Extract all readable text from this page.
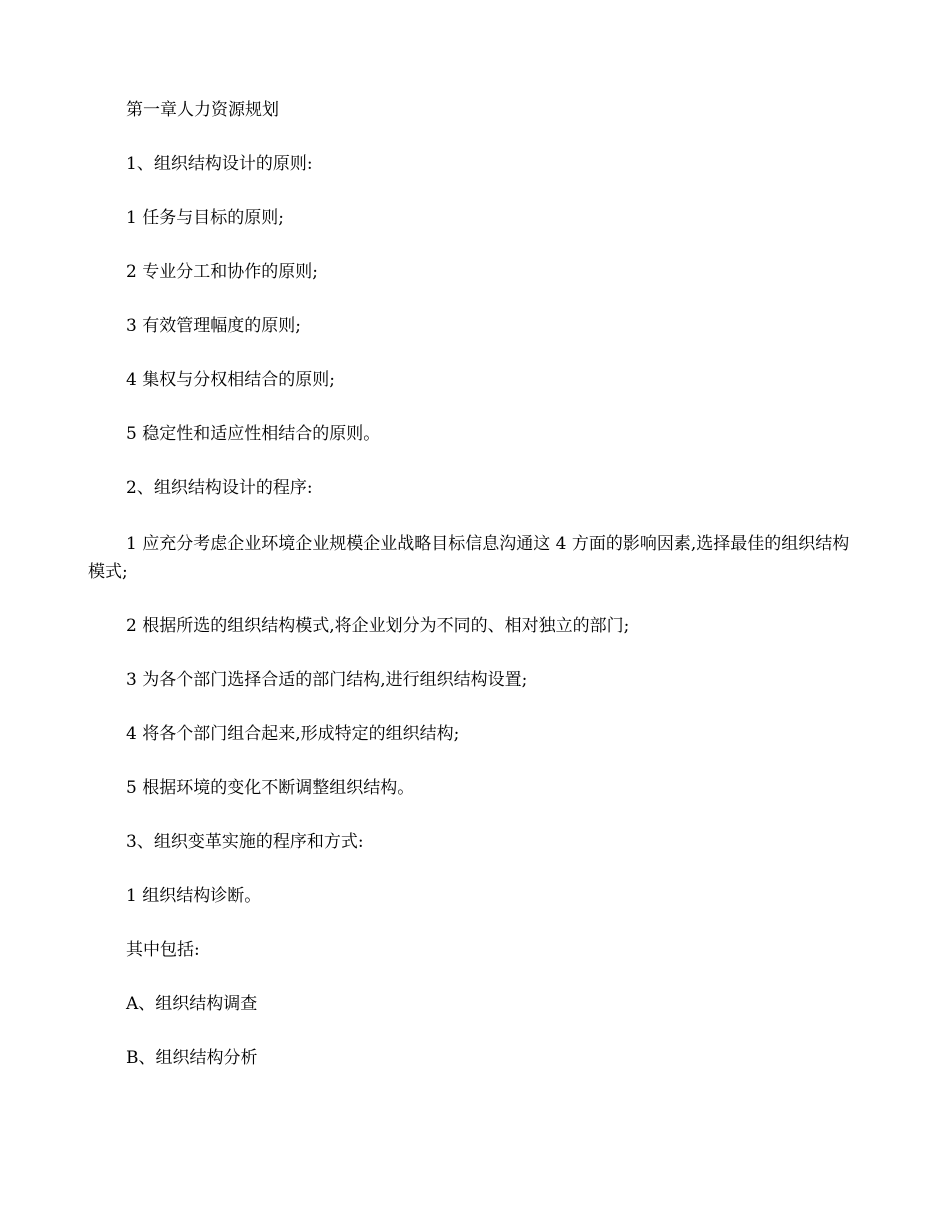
第一章人力资源规划

1、组织结构设计的原则:

1 任务与目标的原则;

2 专业分工和协作的原则;

3 有效管理幅度的原则;

4 集权与分权相结合的原则;

5 稳定性和适应性相结合的原则。

2、组织结构设计的程序:

1 应充分考虑企业环境企业规模企业战略目标信息沟通这 4 方面的影响因素,选择最佳的组织结构模式;

2 根据所选的组织结构模式,将企业划分为不同的、相对独立的部门;

3 为各个部门选择合适的部门结构,进行组织结构设置;

4 将各个部门组合起来,形成特定的组织结构;

5 根据环境的变化不断调整组织结构。

3、组织变革实施的程序和方式:

1 组织结构诊断。

其中包括:

A、组织结构调查

B、组织结构分析
